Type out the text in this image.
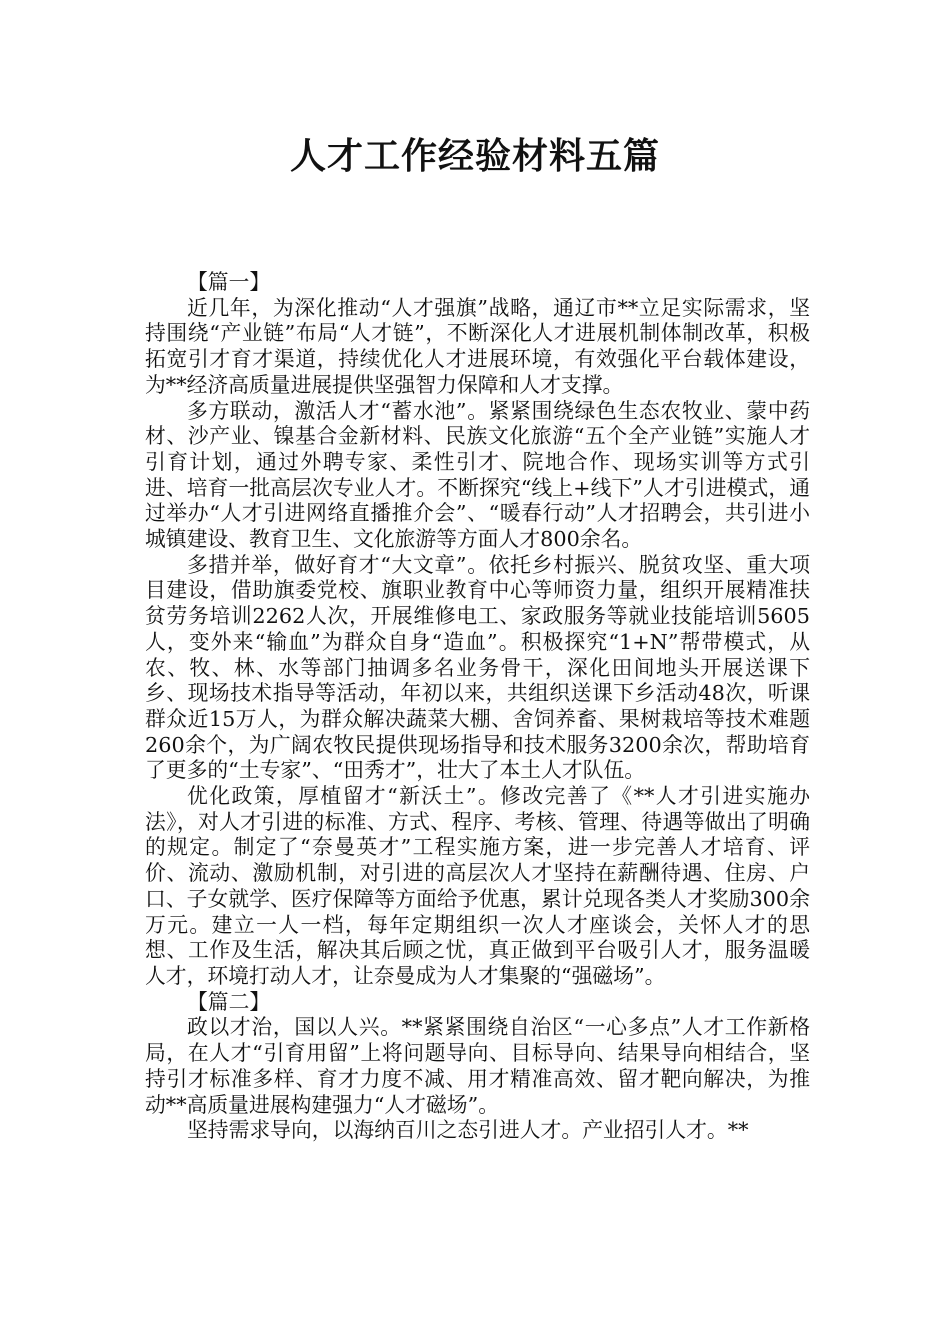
人才工作经验材料五篇

【篇一】

近几年，为深化推动“人才强旗”战略，通辽市**立足实际需求，坚持围绕“产业链”布局“人才链”，不断深化人才进展机制体制改革，积极拓宽引才育才渠道，持续优化人才进展环境，有效强化平台载体建设，为**经济高质量进展提供坚强智力保障和人才支撑。

多方联动，激活人才“蓄水池”。紧紧围绕绿色生态农牧业、蒙中药材、沙产业、镍基合金新材料、民族文化旅游“五个全产业链”实施人才引育计划，通过外聘专家、柔性引才、院地合作、现场实训等方式引进、培育一批高层次专业人才。不断探究“线上+线下”人才引进模式，通过举办“人才引进网络直播推介会”、“暖春行动”人才招聘会，共引进小城镇建设、教育卫生、文化旅游等方面人才800余名。

多措并举，做好育才“大文章”。依托乡村振兴、脱贫攻坚、重大项目建设，借助旗委党校、旗职业教育中心等师资力量，组织开展精准扶贫劳务培训2262人次，开展维修电工、家政服务等就业技能培训5605人，变外来“输血”为群众自身“造血”。积极探究“1+N”帮带模式，从农、牧、林、水等部门抽调多名业务骨干，深化田间地头开展送课下乡、现场技术指导等活动，年初以来，共组织送课下乡活动48次，听课群众近15万人，为群众解决蔬菜大棚、舍饲养畜、果树栽培等技术难题260余个，为广阔农牧民提供现场指导和技术服务3200余次，帮助培育了更多的“土专家”、“田秀才”，壮大了本土人才队伍。

优化政策，厚植留才“新沃土”。修改完善了《**人才引进实施办法》，对人才引进的标准、方式、程序、考核、管理、待遇等做出了明确的规定。制定了“奈曼英才”工程实施方案，进一步完善人才培育、评价、流动、激励机制，对引进的高层次人才坚持在薪酬待遇、住房、户口、子女就学、医疗保障等方面给予优惠，累计兑现各类人才奖励300余万元。建立一人一档，每年定期组织一次人才座谈会，关怀人才的思想、工作及生活，解决其后顾之忧，真正做到平台吸引人才，服务温暖人才，环境打动人才，让奈曼成为人才集聚的“强磁场”。

【篇二】

政以才治，国以人兴。**紧紧围绕自治区“一心多点”人才工作新格局，在人才“引育用留”上将问题导向、目标导向、结果导向相结合，坚持引才标准多样、育才力度不减、用才精准高效、留才靶向解决，为推动**高质量进展构建强力“人才磁场”。

坚持需求导向，以海纳百川之态引进人才。产业招引人才。**
